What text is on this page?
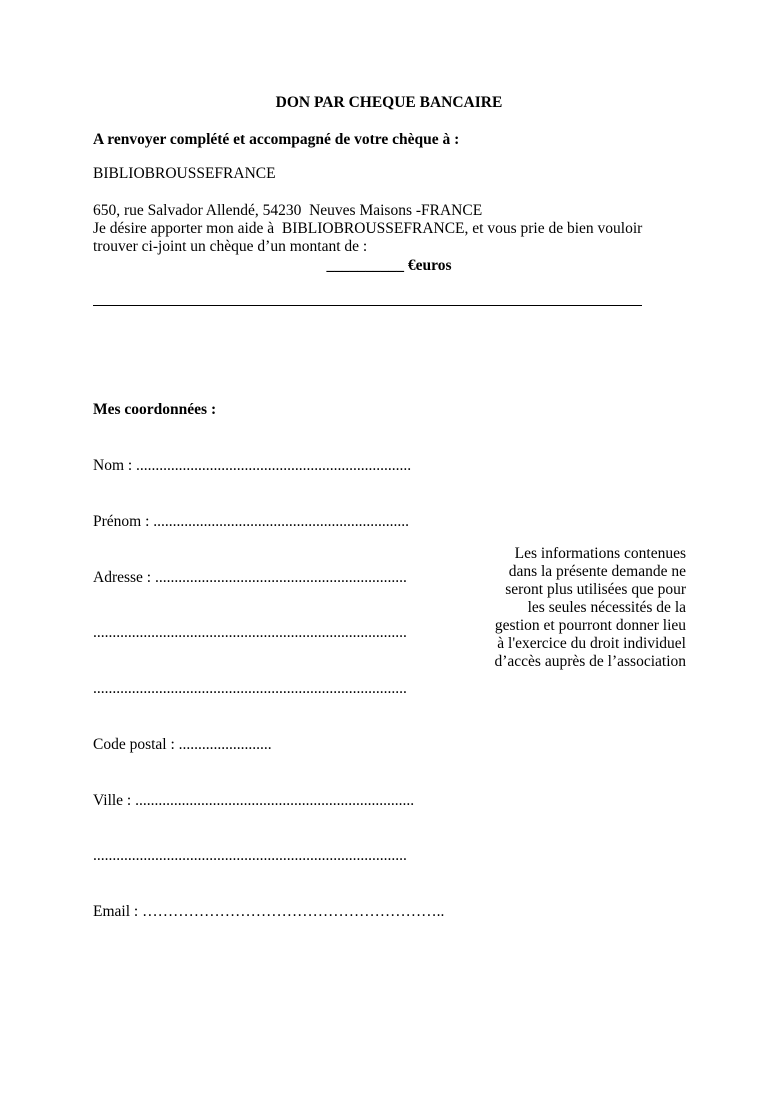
DON PAR CHEQUE BANCAIRE
A renvoyer complété et accompagné de votre chèque à :
BIBLIOBROUSSEFRANCE
650, rue Salvador Allendé, 54230  Neuves Maisons -FRANCE
Je désire apporter mon aide à  BIBLIOBROUSSEFRANCE, et vous prie de bien vouloir
trouver ci-joint un chèque d’un montant de :
__________ €euros

Mes coordonnées :

Nom : .......................................................................

Prénom : ..................................................................

Adresse : .................................................................

.................................................................................

.................................................................................

Code postal : ........................

Ville : ........................................................................

.................................................................................

Email : …………………………………………………..

Les informations contenues
dans la présente demande ne
seront plus utilisées que pour
les seules nécessités de la
gestion et pourront donner lieu
à l'exercice du droit individuel
d’accès auprès de l’association
